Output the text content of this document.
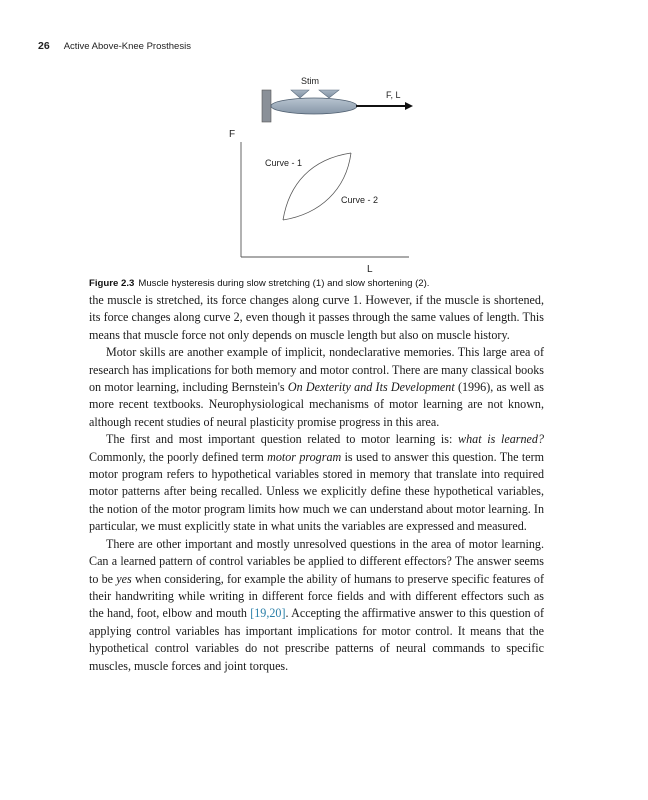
26 Active Above-Knee Prosthesis
Stim
F, L
F
L
Curve - 1
Curve - 2
Figure 2.3 Muscle hysteresis during slow stretching (1) and slow shortening (2).

the muscle is stretched, its force changes along curve 1. However, if the muscle is shortened, its force changes along curve 2, even though it passes through the same values of length. This means that muscle force not only depends on muscle length but also on muscle history.

Motor skills are another example of implicit, nondeclarative memories. This large area of research has implications for both memory and motor control. There are many classical books on motor learning, including Bernstein's On Dexterity and Its Development (1996), as well as more recent textbooks. Neurophysiological mechanisms of motor learning are not known, although recent studies of neural plasticity promise progress in this area.

The first and most important question related to motor learning is: what is learned? Commonly, the poorly defined term motor program is used to answer this question. The term motor program refers to hypothetical variables stored in memory that translate into required motor patterns after being recalled. Unless we explicitly define these hypothetical variables, the notion of the motor program limits how much we can understand about motor learning. In particular, we must explicitly state in what units the variables are expressed and measured.

There are other important and mostly unresolved questions in the area of motor learning. Can a learned pattern of control variables be applied to different effectors? The answer seems to be yes when considering, for example the ability of humans to preserve specific features of their handwriting while writing in different force fields and with different effectors such as the hand, foot, elbow and mouth [19,20]. Accepting the affirmative answer to this question of applying control variables has important implications for motor control. It means that the hypothetical control variables do not prescribe patterns of neural commands to specific muscles, muscle forces and joint torques.
